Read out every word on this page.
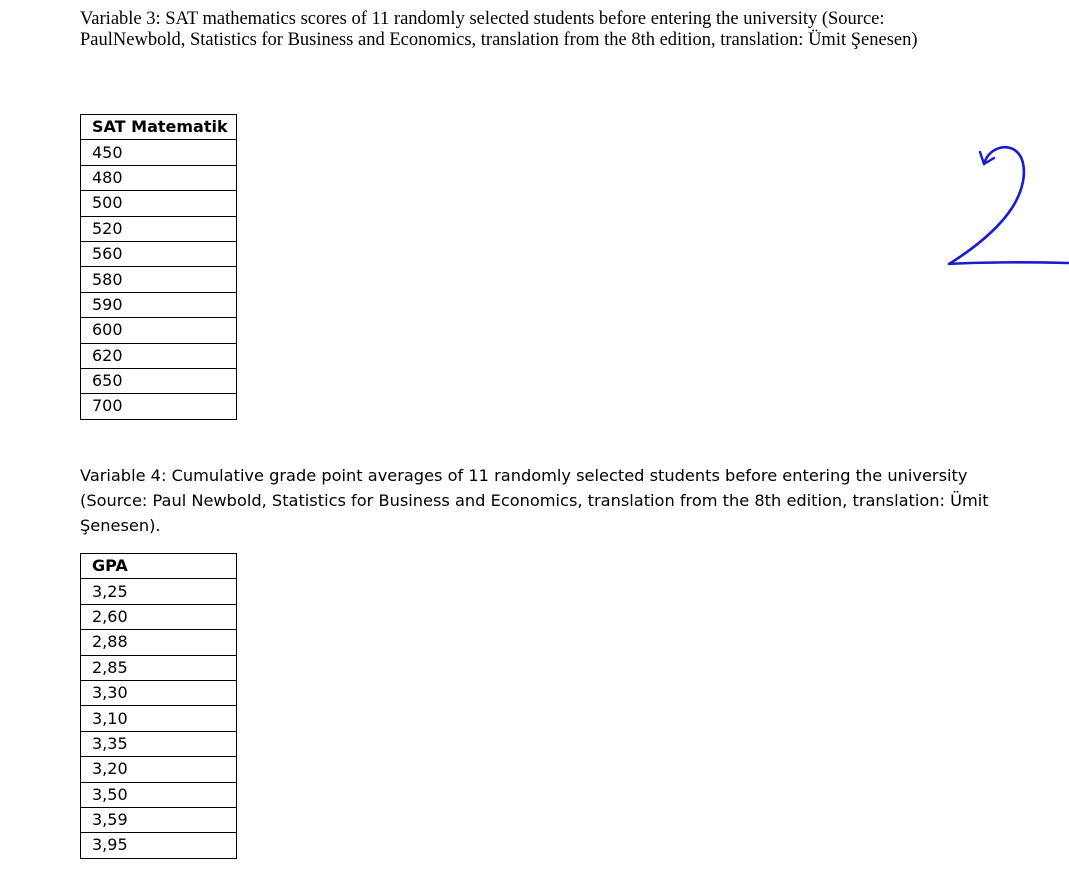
Variable 3: SAT mathematics scores of 11 randomly selected students before entering the university (Source: PaulNewbold, Statistics for Business and Economics, translation from the 8th edition, translation: Ümit Şenesen)

SAT Matematik
450
480
500
520
560
580
590
600
620
650
700

Variable 4: Cumulative grade point averages of 11 randomly selected students before entering the university (Source: Paul Newbold, Statistics for Business and Economics, translation from the 8th edition, translation: Ümit Şenesen).

GPA
3,25
2,60
2,88
2,85
3,30
3,10
3,35
3,20
3,50
3,59
3,95
